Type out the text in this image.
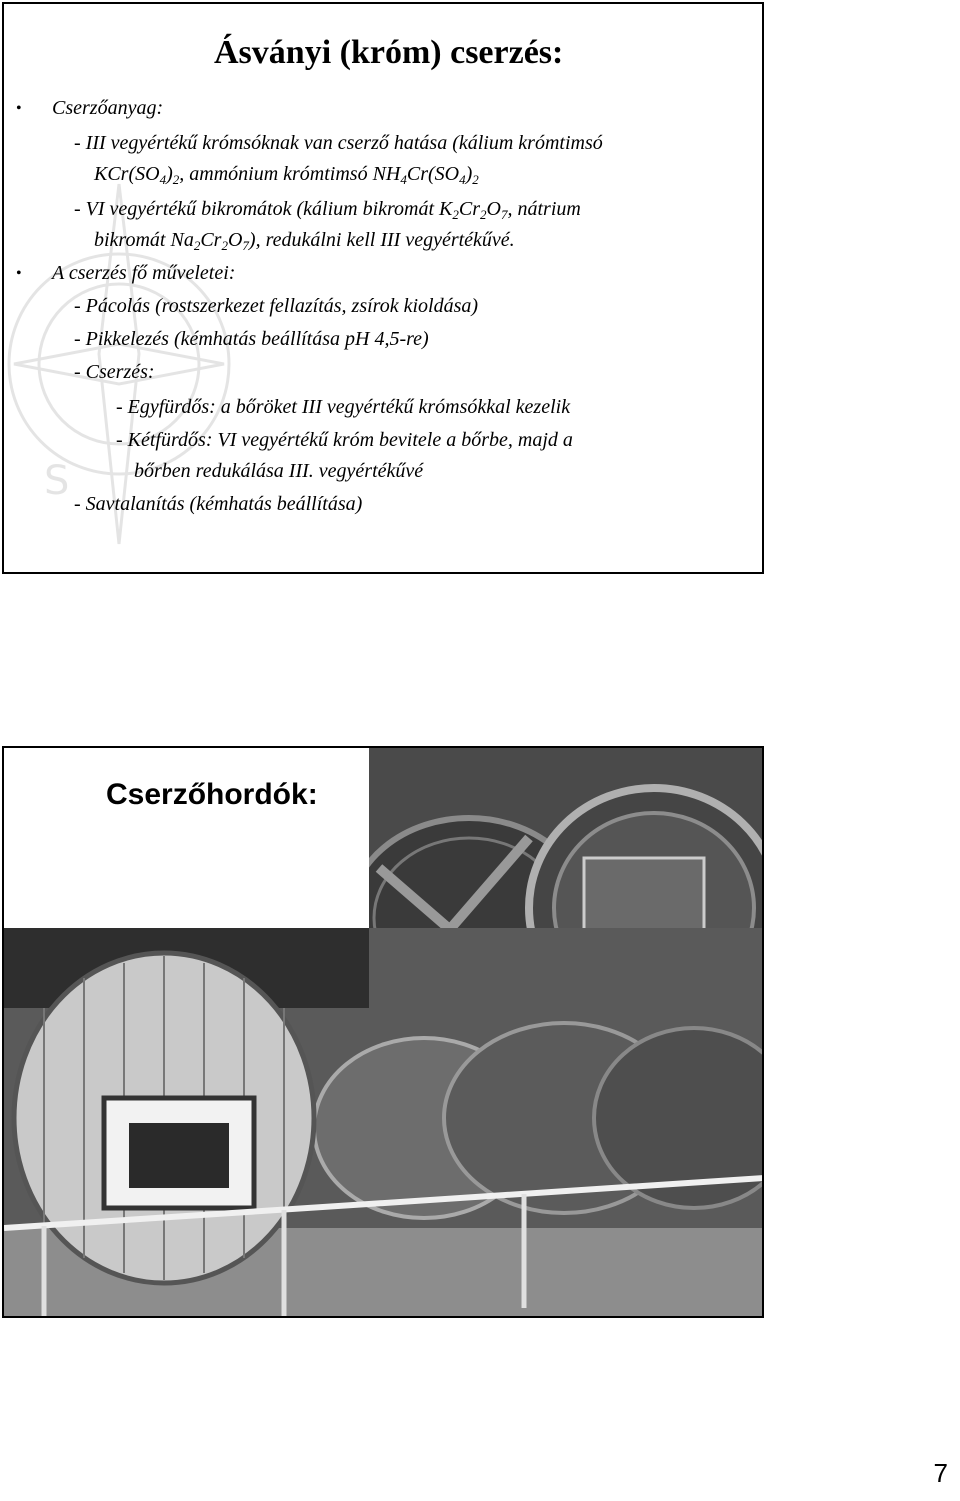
S
Ásványi (króm) cserzés:
• Cserzőanyag:
- III vegyértékű krómsóknak van cserző hatása (kálium krómtimsó
$KCr(SO_4)_2$, ammónium krómtimsó $NH_4Cr(SO_4)_2$
- VI vegyértékű bikromátok (kálium bikromát $K_2Cr_2O_7$, nátrium
bikromát $Na_2Cr_2O_7$), redukálni kell III vegyértékűvé.
• A cserzés fő műveletei:
- Pácolás (rostszerkezet fellazítás, zsírok kioldása)
- Pikkelezés (kémhatás beállítása pH 4,5-re)
- Cserzés:
- Egyfürdős: a bőröket III vegyértékű krómsókkal kezelik
- Kétfürdős: VI vegyértékű króm bevitele a bőrbe, majd a
bőrben redukálása III. vegyértékűvé
- Savtalanítás (kémhatás beállítása)
Cserzőhordók:
7
